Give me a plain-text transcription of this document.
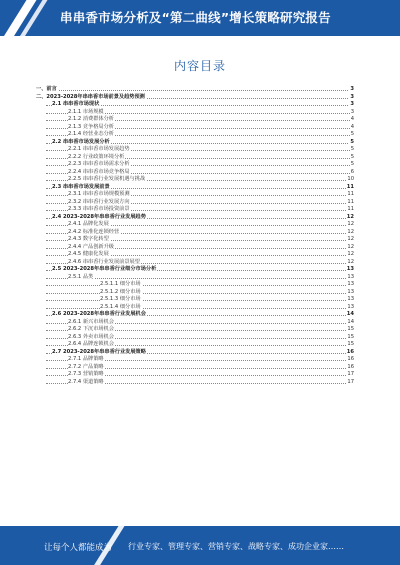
串串香市场分析及“第二曲线”增长策略研究报告
内容目录
一、前言	3
二、2023-2028年串串香市场前景及趋势预测	3
2.1 串串香市场现状	3
2.1.1 市场规模	3
2.1.2 消费群体分析	4
2.1.3 竞争格局分析	4
2.1.4 经营业态分析	5
2.2 串串香市场发展分析	5
2.2.1 串串香市场发展趋势	5
2.2.2 行业政策环境分析	5
2.2.3 串串香市场需求分析	5
2.2.4 串串香市场竞争格局	6
2.2.5 串串香行业发展机遇与挑战	10
2.3 串串香市场发展前景	11
2.3.1 串串香市场规模预测	11
2.3.2 串串香行业发展方向	11
2.3.3 串串香市场投资前景	11
2.4 2023-2028年串串香行业发展趋势	12
2.4.1 品牌化发展	12
2.4.2 标准化连锁经营	12
2.4.3 数字化转型	12
2.4.4 产品创新升级	12
2.4.5 健康化发展	12
2.4.6 串串香行业发展前景展望	12
2.5 2023-2028年串串香行业细分市场分析	13
2.5.1 品类	13
2.5.1.1 细分市场	13
2.5.1.2 细分市场	13
2.5.1.3 细分市场	13
2.5.1.4 细分市场	13
2.6 2023-2028年串串香行业发展机会	14
2.6.1 新兴市场机会	14
2.6.2 下沉市场机会	15
2.6.3 外卖市场机会	15
2.6.4 品牌连锁机会	15
2.7 2023-2028年串串香行业发展策略	16
2.7.1 品牌策略	16
2.7.2 产品策略	16
2.7.3 营销策略	17
2.7.4 渠道策略	17
让每个人都能成为 行业专家、管理专家、营销专家、战略专家、成功企业家……
